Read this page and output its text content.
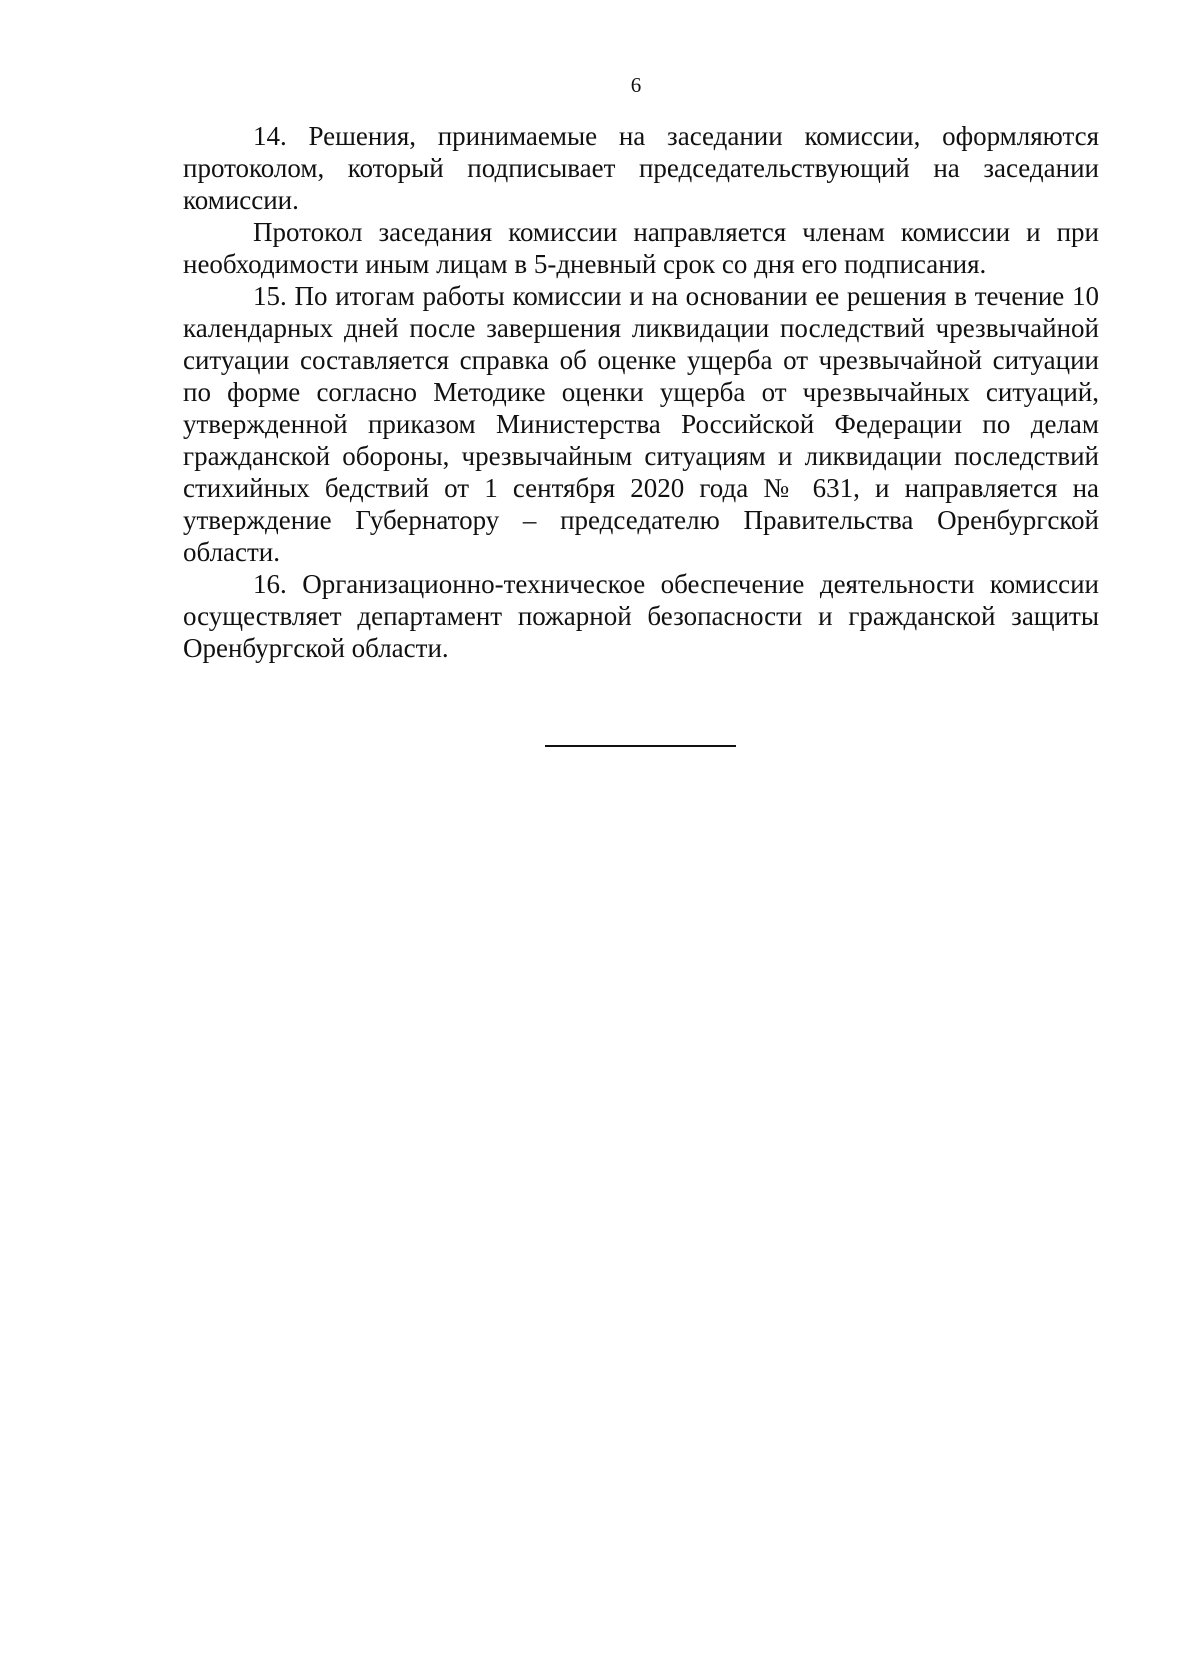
6

14. Решения, принимаемые на заседании комиссии, оформляются протоколом, который подписывает председательствующий на заседании комиссии.

Протокол заседания комиссии направляется членам комиссии и при необходимости иным лицам в 5-дневный срок со дня его подписания.

15. По итогам работы комиссии и на основании ее решения в течение 10 календарных дней после завершения ликвидации последствий чрезвычайной ситуации составляется справка об оценке ущерба от чрезвычайной ситуации по форме согласно Методике оценки ущерба от чрезвычайных ситуаций, утвержденной приказом Министерства Российской Федерации по делам гражданской обороны, чрезвычайным ситуациям и ликвидации последствий стихийных бедствий от 1 сентября 2020 года № 631, и направляется на утверждение Губернатору – председателю Правительства Оренбургской области.

16. Организационно-техническое обеспечение деятельности комиссии осуществляет департамент пожарной безопасности и гражданской защиты Оренбургской области.
